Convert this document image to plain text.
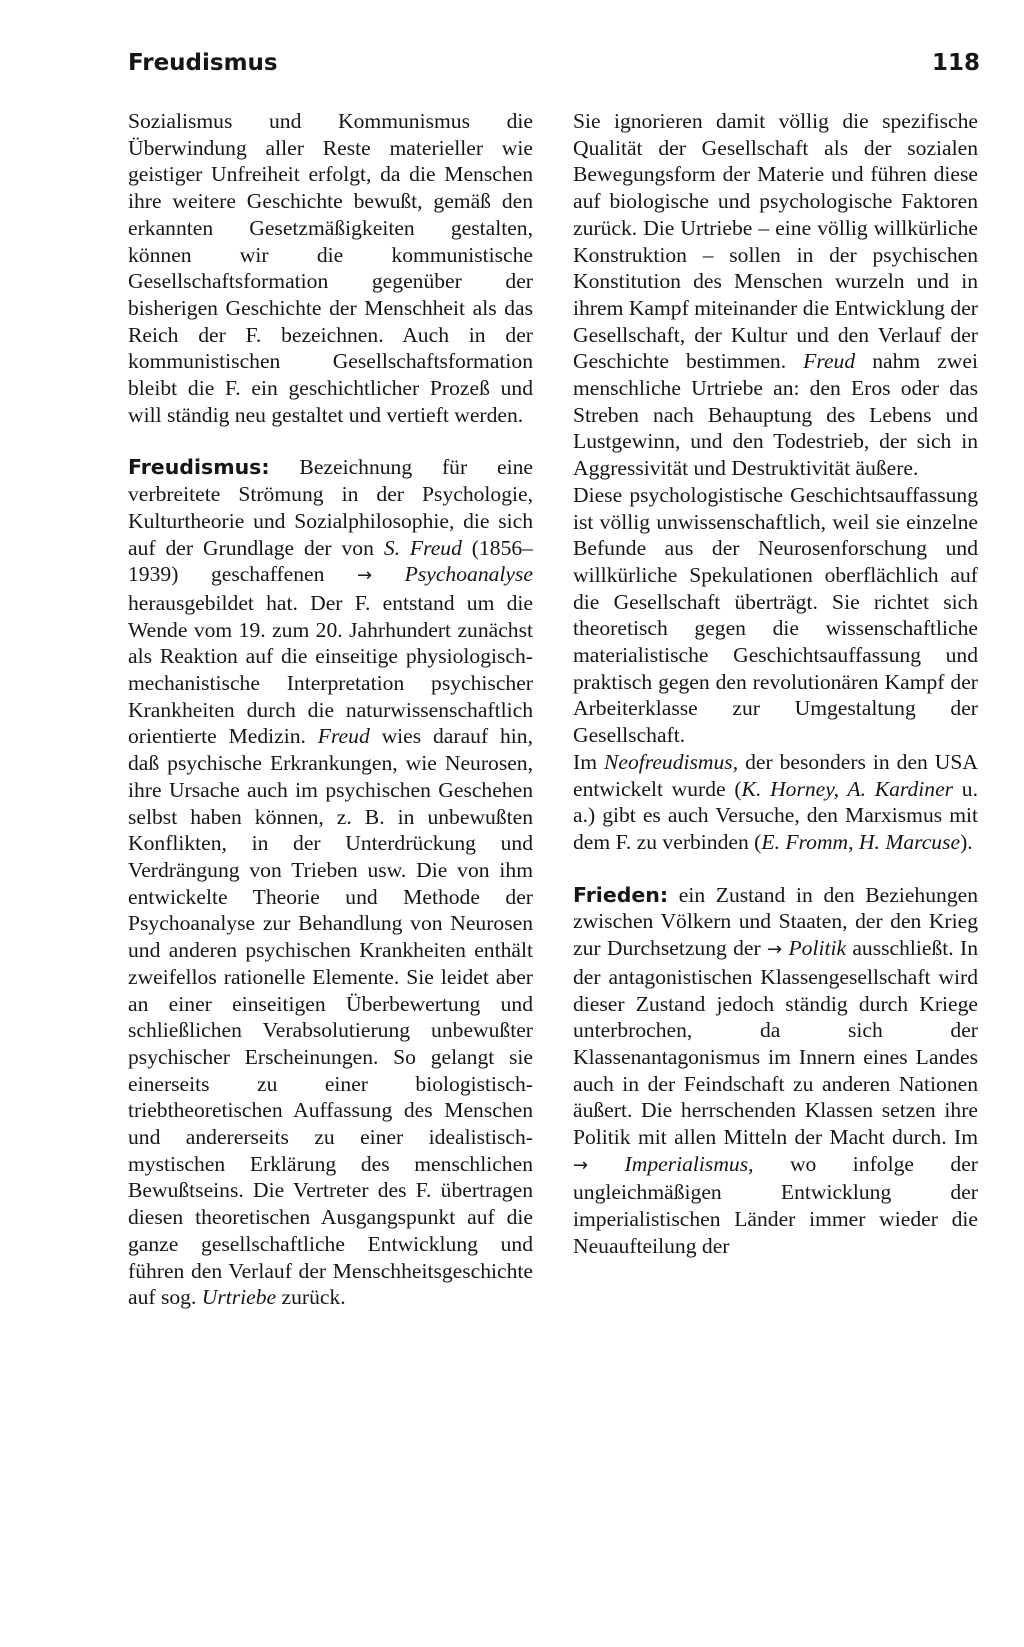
Freudismus	118

Sozialismus und Kommunismus die Überwindung aller Reste materieller wie geistiger Unfreiheit erfolgt, da die Menschen ihre weitere Geschichte bewußt, gemäß den erkannten Gesetzmäßigkeiten gestalten, können wir die kommunistische Gesellschaftsformation gegenüber der bisherigen Geschichte der Menschheit als das Reich der F. bezeichnen. Auch in der kommunistischen Gesellschaftsformation bleibt die F. ein geschichtlicher Prozeß und will ständig neu gestaltet und vertieft werden.

Freudismus: Bezeichnung für eine verbreitete Strömung in der Psychologie, Kulturtheorie und Sozialphilosophie, die sich auf der Grundlage der von S. Freud (1856–1939) geschaffenen → Psychoanalyse herausgebildet hat. Der F. entstand um die Wende vom 19. zum 20. Jahrhundert zunächst als Reaktion auf die einseitige physiologisch-mechanistische Interpretation psychischer Krankheiten durch die naturwissenschaftlich orientierte Medizin. Freud wies darauf hin, daß psychische Erkrankungen, wie Neurosen, ihre Ursache auch im psychischen Geschehen selbst haben können, z. B. in unbewußten Konflikten, in der Unterdrückung und Verdrängung von Trieben usw. Die von ihm entwickelte Theorie und Methode der Psychoanalyse zur Behandlung von Neurosen und anderen psychischen Krankheiten enthält zweifellos rationelle Elemente. Sie leidet aber an einer einseitigen Überbewertung und schließlichen Verabsolutierung unbewußter psychischer Erscheinungen. So gelangt sie einerseits zu einer biologistisch-triebtheoretischen Auffassung des Menschen und andererseits zu einer idealistisch-mystischen Erklärung des menschlichen Bewußtseins. Die Vertreter des F. übertragen diesen theoretischen Ausgangspunkt auf die ganze gesellschaftliche Entwicklung und führen den Verlauf der Menschheitsgeschichte auf sog. Urtriebe zurück.

Sie ignorieren damit völlig die spezifische Qualität der Gesellschaft als der sozialen Bewegungsform der Materie und führen diese auf biologische und psychologische Faktoren zurück. Die Urtriebe – eine völlig willkürliche Konstruktion – sollen in der psychischen Konstitution des Menschen wurzeln und in ihrem Kampf miteinander die Entwicklung der Gesellschaft, der Kultur und den Verlauf der Geschichte bestimmen. Freud nahm zwei menschliche Urtriebe an: den Eros oder das Streben nach Behauptung des Lebens und Lustgewinn, und den Todestrieb, der sich in Aggressivität und Destruktivität äußere.

Diese psychologistische Geschichtsauffassung ist völlig unwissenschaftlich, weil sie einzelne Befunde aus der Neurosenforschung und willkürliche Spekulationen oberflächlich auf die Gesellschaft überträgt. Sie richtet sich theoretisch gegen die wissenschaftliche materialistische Geschichtsauffassung und praktisch gegen den revolutionären Kampf der Arbeiterklasse zur Umgestaltung der Gesellschaft.

Im Neofreudismus, der besonders in den USA entwickelt wurde (K. Horney, A. Kardiner u. a.) gibt es auch Versuche, den Marxismus mit dem F. zu verbinden (E. Fromm, H. Marcuse).

Frieden: ein Zustand in den Beziehungen zwischen Völkern und Staaten, der den Krieg zur Durchsetzung der → Politik ausschließt. In der antagonistischen Klassengesellschaft wird dieser Zustand jedoch ständig durch Kriege unterbrochen, da sich der Klassenantagonismus im Innern eines Landes auch in der Feindschaft zu anderen Nationen äußert. Die herrschenden Klassen setzen ihre Politik mit allen Mitteln der Macht durch. Im → Imperialismus, wo infolge der ungleichmäßigen Entwicklung der imperialistischen Länder immer wieder die Neuaufteilung der
